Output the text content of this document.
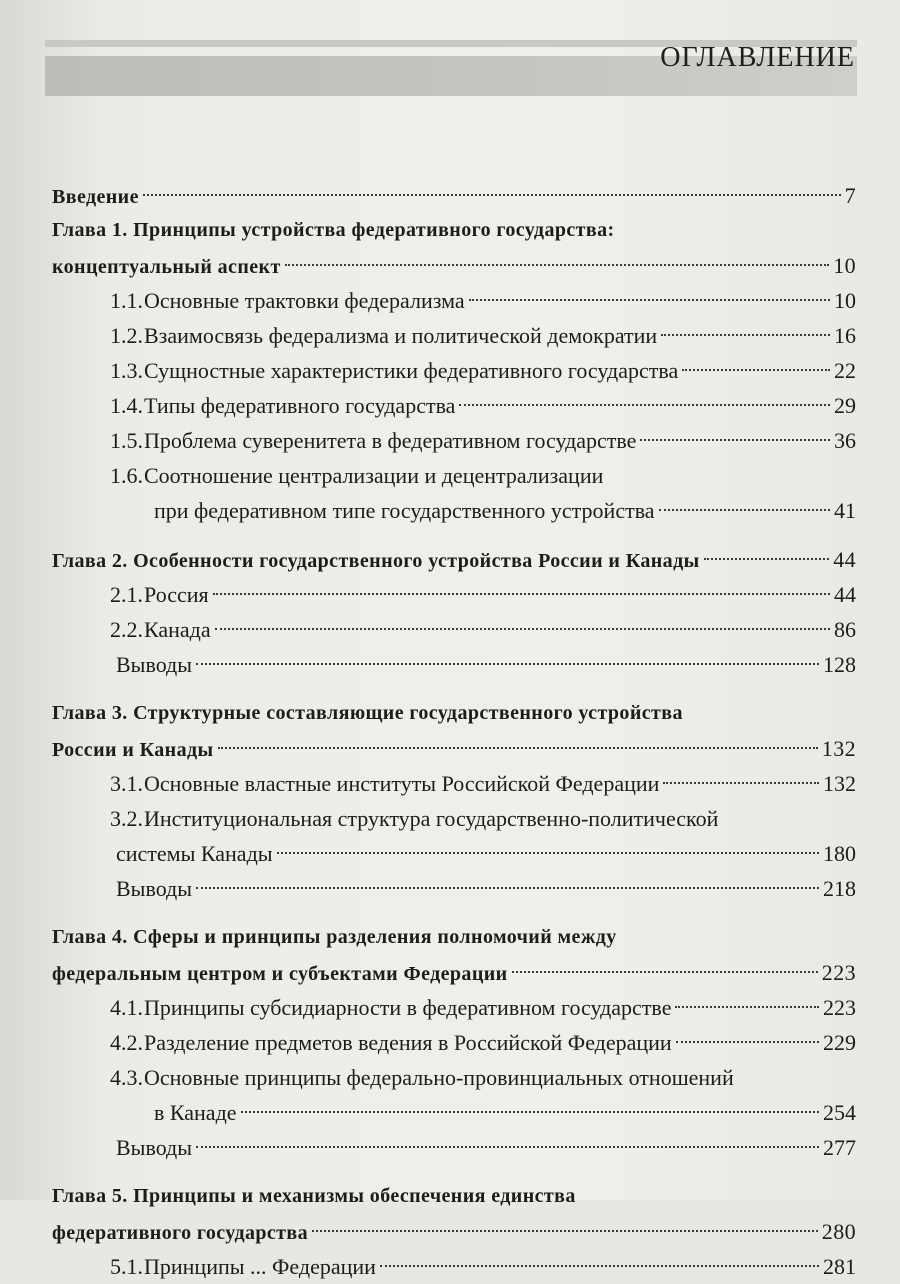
ОГЛАВЛЕНИЕ
Введение	7
Глава 1. Принципы устройства федеративного государства:
концептуальный аспект	10
1.1. Основные трактовки федерализма	10
1.2. Взаимосвязь федерализма и политической демократии	16
1.3. Сущностные характеристики федеративного государства	22
1.4. Типы федеративного государства	29
1.5. Проблема суверенитета в федеративном государстве	36
1.6. Соотношение централизации и децентрализации
при федеративном типе государственного устройства	41
Глава 2. Особенности государственного устройства России и Канады	44
2.1. Россия	44
2.2. Канада	86
Выводы	128
Глава 3. Структурные составляющие государственного устройства
России и Канады	132
3.1. Основные властные институты Российской Федерации	132
3.2. Институциональная структура государственно-политической
системы Канады	180
Выводы	218
Глава 4. Сферы и принципы разделения полномочий между
федеральным центром и субъектами Федерации	223
4.1. Принципы субсидиарности в федеративном государстве	223
4.2. Разделение предметов ведения в Российской Федерации	229
4.3. Основные принципы федерально-провинциальных отношений
в Канаде	254
Выводы	277
Глава 5. Принципы и механизмы обеспечения единства
федеративного государства	280
5.1. Принципы ... Федерации	281
